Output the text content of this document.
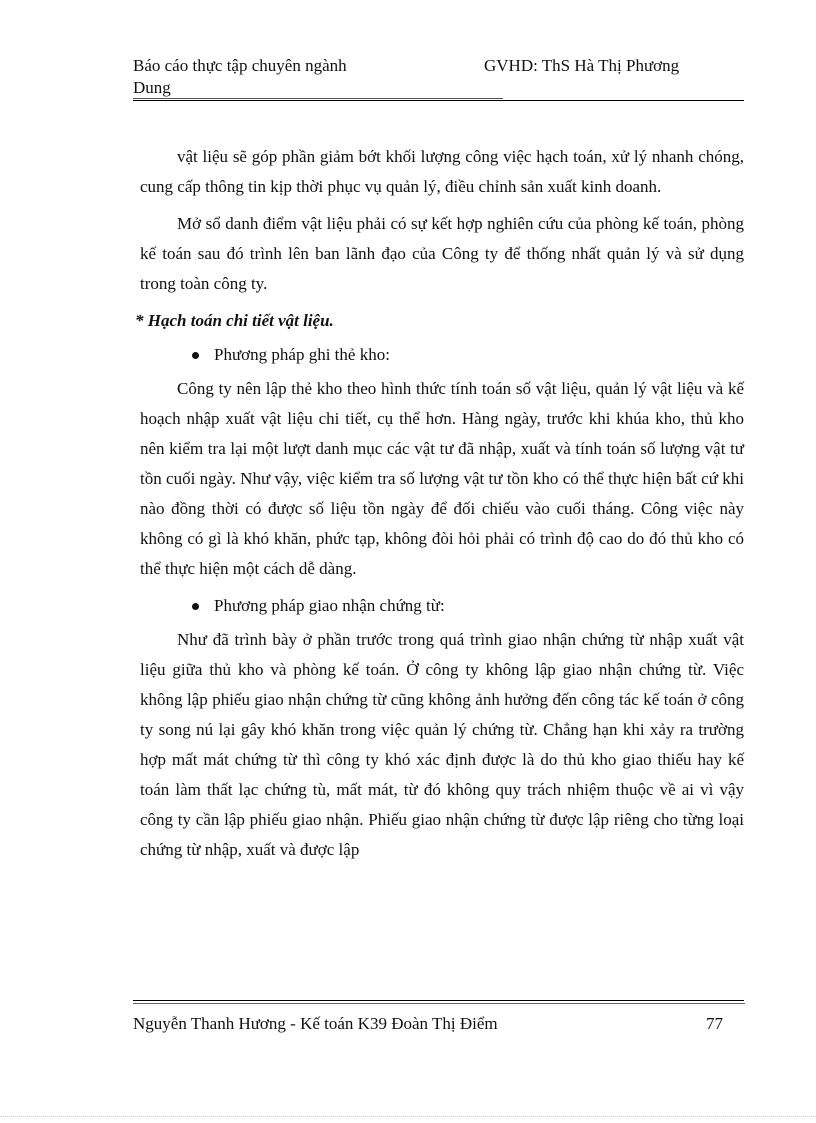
Báo cáo thực tập chuyên ngành
Dung
GVHD: ThS Hà Thị Phương

vật liệu sẽ góp phần giảm bớt khối lượng công việc hạch toán, xử lý nhanh chóng, cung cấp thông tin kịp thời phục vụ quản lý, điều chỉnh sản xuất kinh doanh.

Mở sổ danh điểm vật liệu phải có sự kết hợp nghiên cứu của phòng kế toán, phòng kế toán sau đó trình lên ban lãnh đạo của Công ty để thống nhất quản lý và sử dụng trong toàn công ty.

* Hạch toán chi tiết vật liệu.

Phương pháp ghi thẻ kho:

Công ty nên lập thẻ kho theo hình thức tính toán số vật liệu, quản lý vật liệu và kế hoạch nhập xuất vật liệu chi tiết, cụ thể hơn. Hàng ngày, trước khi khúa kho, thủ kho nên kiểm tra lại một lượt danh mục các vật tư đã nhập, xuất và tính toán số lượng vật tư tồn cuối ngày. Như vậy, việc kiểm tra số lượng vật tư tồn kho có thể thực hiện bất cứ khi nào đồng thời có được số liệu tồn ngày để đối chiếu vào cuối tháng. Công việc này không có gì là khó khăn, phức tạp, không đòi hỏi phải có trình độ cao do đó thủ kho có thể thực hiện một cách dễ dàng.

Phương pháp giao nhận chứng từ:

Như đã trình bày ở phần trước trong quá trình giao nhận chứng từ nhập xuất vật liệu giữa thủ kho và phòng kế toán. Ở công ty không lập giao nhận chứng từ. Việc không lập phiếu giao nhận chứng từ cũng không ảnh hưởng đến công tác kế toán ở công ty song nú lại gây khó khăn trong việc quản lý chứng từ. Chẳng hạn khi xảy ra trường hợp mất mát chứng từ thì công ty khó xác định được là do thủ kho giao thiếu hay kế toán làm thất lạc chứng tù, mất mát, từ đó không quy trách nhiệm thuộc về ai vì vậy công ty cần lập phiếu giao nhận. Phiếu giao nhận chứng từ được lập riêng cho từng loại chứng từ nhập, xuất và được lập

Nguyễn Thanh Hương - Kế toán K39 Đoàn Thị Điểm	77
